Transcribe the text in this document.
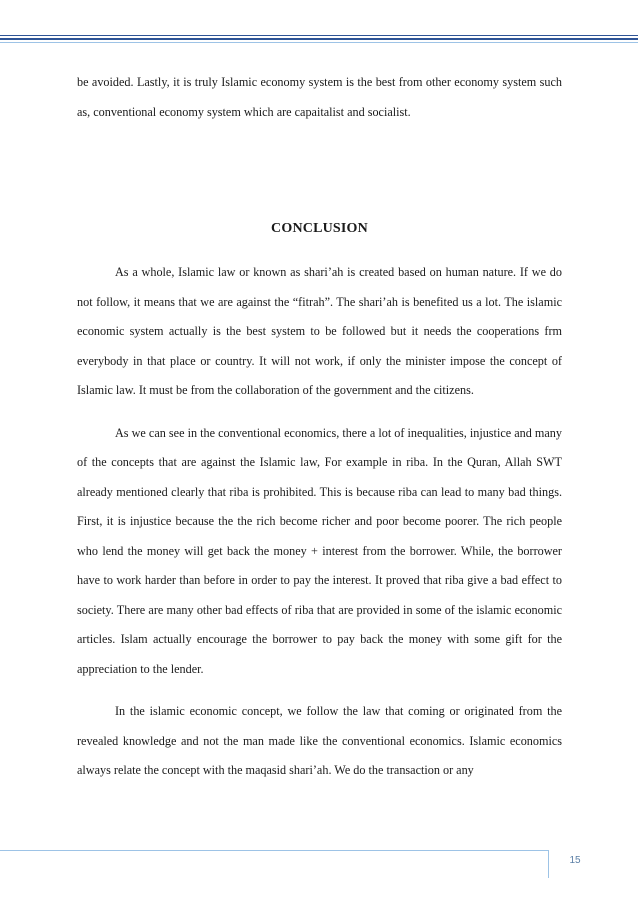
be avoided. Lastly, it is truly Islamic economy system is the best from other economy system such as, conventional economy system which are capaitalist and socialist.

CONCLUSION

As a whole, Islamic law or known as shari’ah is created based on human nature. If we do not follow, it means that we are against the “fitrah”. The shari’ah is benefited us a lot. The islamic economic system actually is the best system to be followed but it needs the cooperations frm everybody in that place or country. It will not work, if only the minister impose the concept of Islamic law. It must be from the collaboration of the government and the citizens.

As we can see in the conventional economics, there a lot of inequalities, injustice and many of the concepts that are against the Islamic law, For example in riba. In the Quran, Allah SWT already mentioned clearly that riba is prohibited. This is because riba can lead to many bad things. First, it is injustice because the the rich become richer and poor become poorer. The rich people who lend the money will get back the money + interest from the borrower. While, the borrower have to work harder than before in order to pay the interest. It proved that riba give a bad effect to society. There are many other bad effects of riba that are provided in some of the islamic economic articles. Islam actually encourage the borrower to pay back the money with some gift for the appreciation to the lender.

In the islamic economic concept, we follow the law that coming or originated from the revealed knowledge and not the man made like the conventional economics. Islamic economics always relate the concept with the maqasid shari’ah. We do the transaction or any

15
